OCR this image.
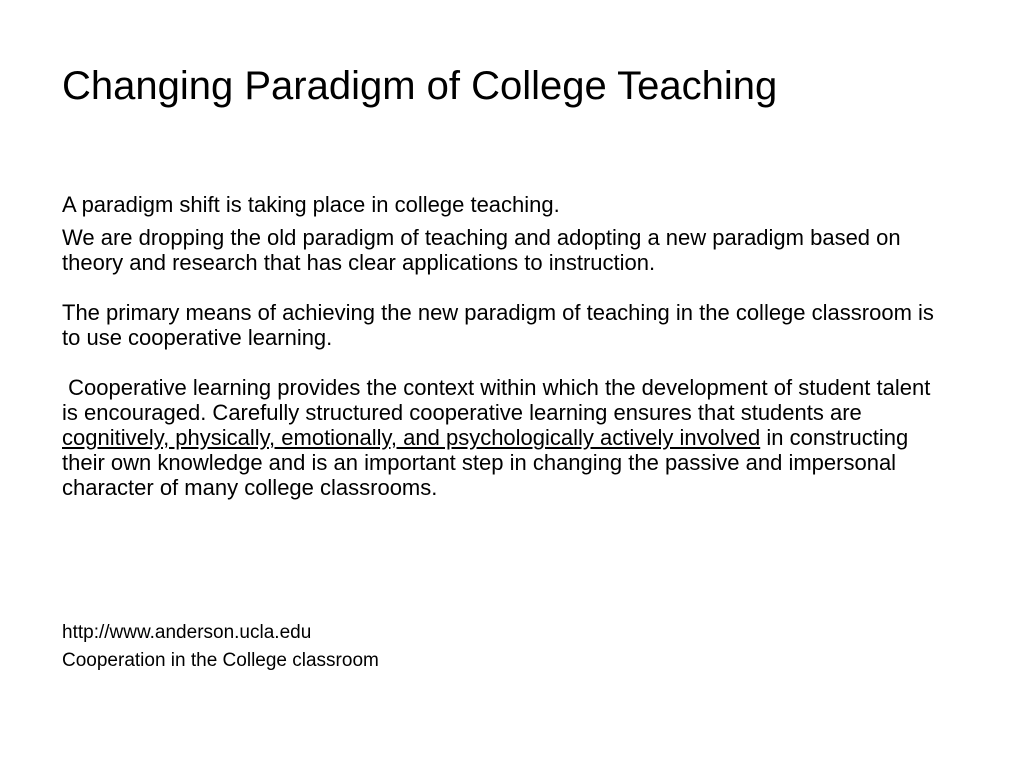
Changing Paradigm of College Teaching

A paradigm shift is taking place in college teaching.

We are dropping the old paradigm of teaching and adopting a new paradigm based on theory and research that has clear applications to instruction.

The primary means of achieving the new paradigm of teaching in the college classroom is to use cooperative learning.

Cooperative learning provides the context within which the development of student talent is encouraged. Carefully structured cooperative learning ensures that students are cognitively, physically, emotionally, and psychologically actively involved in constructing their own knowledge and is an important step in changing the passive and impersonal character of many college classrooms.

http://www.anderson.ucla.edu
Cooperation in the College classroom
